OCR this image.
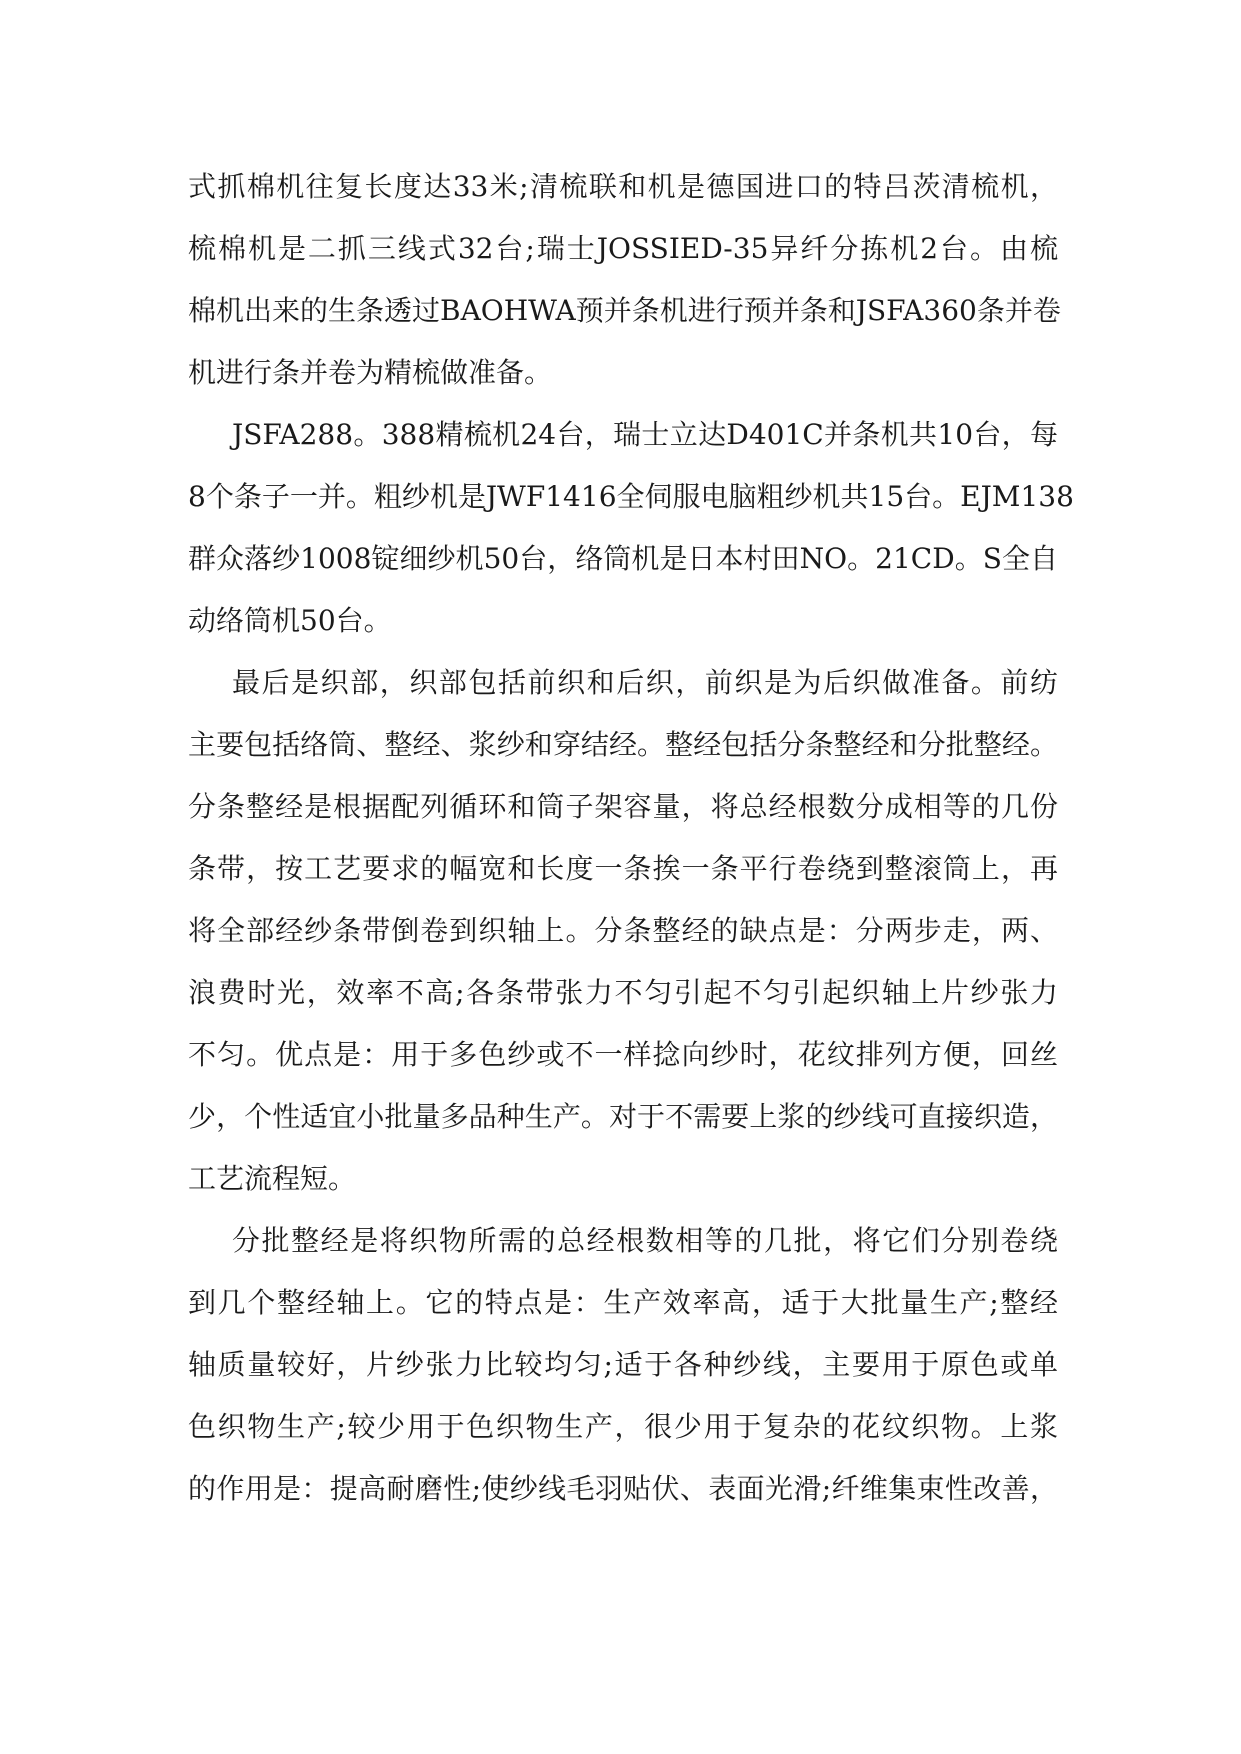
式抓棉机往复长度达33米;清梳联和机是德国进口的特吕茨清梳机，
梳棉机是二抓三线式32台;瑞士JOSSIED-35异纤分拣机2台。由梳
棉机出来的生条透过BAOHWA预并条机进行预并条和JSFA360条并卷
机进行条并卷为精梳做准备。
JSFA288。388精梳机24台，瑞士立达D401C并条机共10台，每
8个条子一并。粗纱机是JWF1416全伺服电脑粗纱机共15台。EJM138
群众落纱1008锭细纱机50台，络筒机是日本村田NO。21CD。S全自
动络筒机50台。
最后是织部，织部包括前织和后织，前织是为后织做准备。前纺
主要包括络筒、整经、浆纱和穿结经。整经包括分条整经和分批整经。
分条整经是根据配列循环和筒子架容量，将总经根数分成相等的几份
条带，按工艺要求的幅宽和长度一条挨一条平行卷绕到整滚筒上，再
将全部经纱条带倒卷到织轴上。分条整经的缺点是：分两步走，两、
浪费时光，效率不高;各条带张力不匀引起不匀引起织轴上片纱张力
不匀。优点是：用于多色纱或不一样捻向纱时，花纹排列方便，回丝
少，个性适宜小批量多品种生产。对于不需要上浆的纱线可直接织造，
工艺流程短。
分批整经是将织物所需的总经根数相等的几批，将它们分别卷绕
到几个整经轴上。它的特点是：生产效率高，适于大批量生产;整经
轴质量较好，片纱张力比较均匀;适于各种纱线，主要用于原色或单
色织物生产;较少用于色织物生产，很少用于复杂的花纹织物。上浆
的作用是：提高耐磨性;使纱线毛羽贴伏、表面光滑;纤维集束性改善，
